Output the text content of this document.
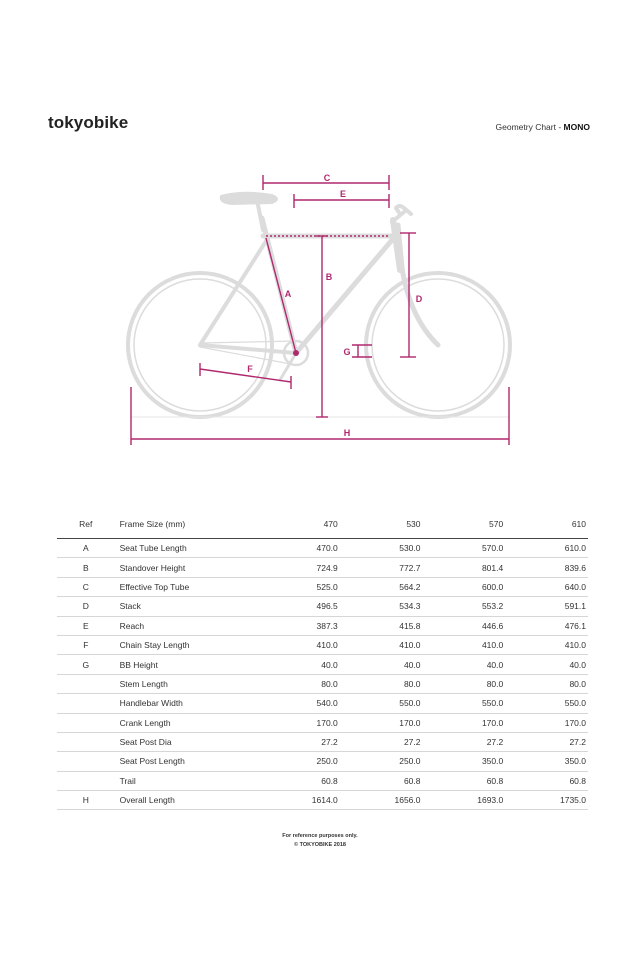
tokyobike	Geometry Chart - MONO
C
E
A
B
D
G
F
H
Ref	Frame Size (mm)	470	530	570	610
A	Seat Tube Length	470.0	530.0	570.0	610.0
B	Standover Height	724.9	772.7	801.4	839.6
C	Effective Top Tube	525.0	564.2	600.0	640.0
D	Stack	496.5	534.3	553.2	591.1
E	Reach	387.3	415.8	446.6	476.1
F	Chain Stay Length	410.0	410.0	410.0	410.0
G	BB Height	40.0	40.0	40.0	40.0
	Stem Length	80.0	80.0	80.0	80.0
	Handlebar Width	540.0	550.0	550.0	550.0
	Crank Length	170.0	170.0	170.0	170.0
	Seat Post Dia	27.2	27.2	27.2	27.2
	Seat Post Length	250.0	250.0	350.0	350.0
	Trail	60.8	60.8	60.8	60.8
H	Overall Length	1614.0	1656.0	1693.0	1735.0
For reference purposes only.
© TOKYOBIKE 2018
